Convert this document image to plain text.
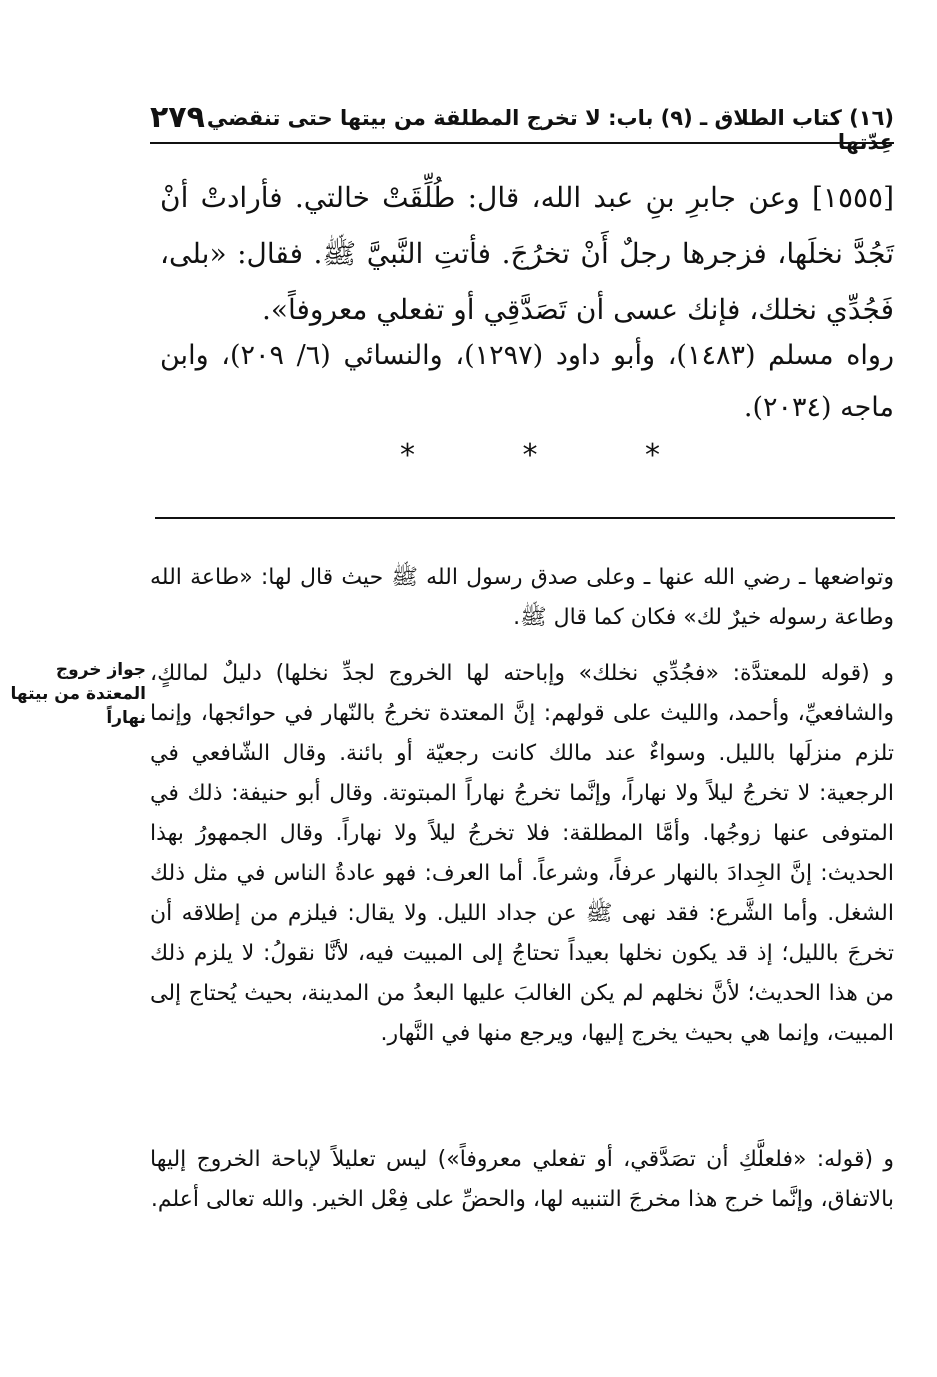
(١٦) كتاب الطلاق ـ (٩) باب: لا تخرج المطلقة من بيتها حتى تنقضي عِدّتها
٢٧٩
[١٥٥٥] وعن جابرِ بنِ عبد الله، قال: طُلِّقَتْ خالتي. فأرادتْ أنْ تَجُدَّ نخلَها، فزجرها رجلٌ أَنْ تخرُجَ. فأتتِ النَّبيَّ ﷺ. فقال: «بلى، فَجُدِّي نخلك، فإنك عسى أن تَصَدَّقِي أو تفعلي معروفاً».
رواه مسلم (١٤٨٣)، وأبو داود (١٢٩٧)، والنسائي (٦/ ٢٠٩)، وابن ماجه (٢٠٣٤).
*
*
*
وتواضعها ـ رضي الله عنها ـ وعلى صدق رسول الله ﷺ حيث قال لها: «طاعة الله وطاعة رسوله خيرٌ لك» فكان كما قال ﷺ.
جواز خروج المعتدة من بيتها نهاراً
و (قوله للمعتدَّة: «فجُدِّي نخلك» وإباحته لها الخروج لجدِّ نخلها) دليلٌ لمالكٍ، والشافعيِّ، وأحمد، والليث على قولهم: إنَّ المعتدة تخرجُ بالنّهار في حوائجها، وإنما تلزم منزلَها بالليل. وسواءٌ عند مالك كانت رجعيّة أو بائنة. وقال الشّافعي في الرجعية: لا تخرجُ ليلاً ولا نهاراً، وإنَّما تخرجُ نهاراً المبتوتة. وقال أبو حنيفة: ذلك في المتوفى عنها زوجُها. وأمَّا المطلقة: فلا تخرجُ ليلاً ولا نهاراً. وقال الجمهورُ بهذا الحديث: إنَّ الجِدادَ بالنهار عرفاً، وشرعاً. أما العرف: فهو عادةُ الناس في مثل ذلك الشغل. وأما الشَّرع: فقد نهى ﷺ عن جداد الليل. ولا يقال: فيلزم من إطلاقه أن تخرجَ بالليل؛ إذ قد يكون نخلها بعيداً تحتاجُ إلى المبيت فيه، لأنَّا نقولُ: لا يلزم ذلك من هذا الحديث؛ لأنَّ نخلهم لم يكن الغالبَ عليها البعدُ من المدينة، بحيث يُحتاج إلى المبيت، وإنما هي بحيث يخرج إليها، ويرجع منها في النَّهار.
و (قوله: «فلعلَّكِ أن تصَدَّقي، أو تفعلي معروفاً») ليس تعليلاً لإباحة الخروج إليها بالاتفاق، وإنَّما خرج هذا مخرجَ التنبيه لها، والحضِّ على فِعْل الخير. والله تعالى أعلم.
